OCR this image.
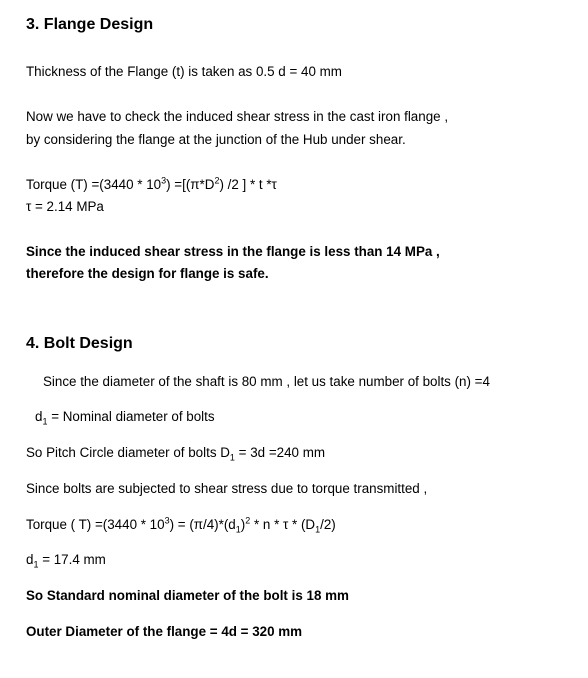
3. Flange Design
Thickness of the Flange (t) is taken as 0.5 d = 40 mm
Now we have to check the induced shear stress in the cast iron flange ,
by considering the flange at the junction of the Hub under shear.
Torque $(T) =(3440 * 10^3) =[(\pi*D^2)$ /2 ] * t *τ
τ = 2.14 MPa
Since the induced shear stress in the flange is less than 14 MPa ,
therefore the design for flange is safe.
4. Bolt Design
Since the diameter of the shaft is 80 mm , let us take number of bolts (n) =4
$d_1$ = Nominal diameter of bolts
So Pitch Circle diameter of bolts $D_1 = 3d =240$ mm
Since bolts are subjected to shear stress due to torque transmitted ,
Torque ( $T) =(3440 * 10^3) = (\pi/4)*(d_1)^2 * n * \tau * (D_1/2)$
$d_1 = 17.4$ mm
So Standard nominal diameter of the bolt is 18 mm
Outer Diameter of the flange = 4d = 320 mm
